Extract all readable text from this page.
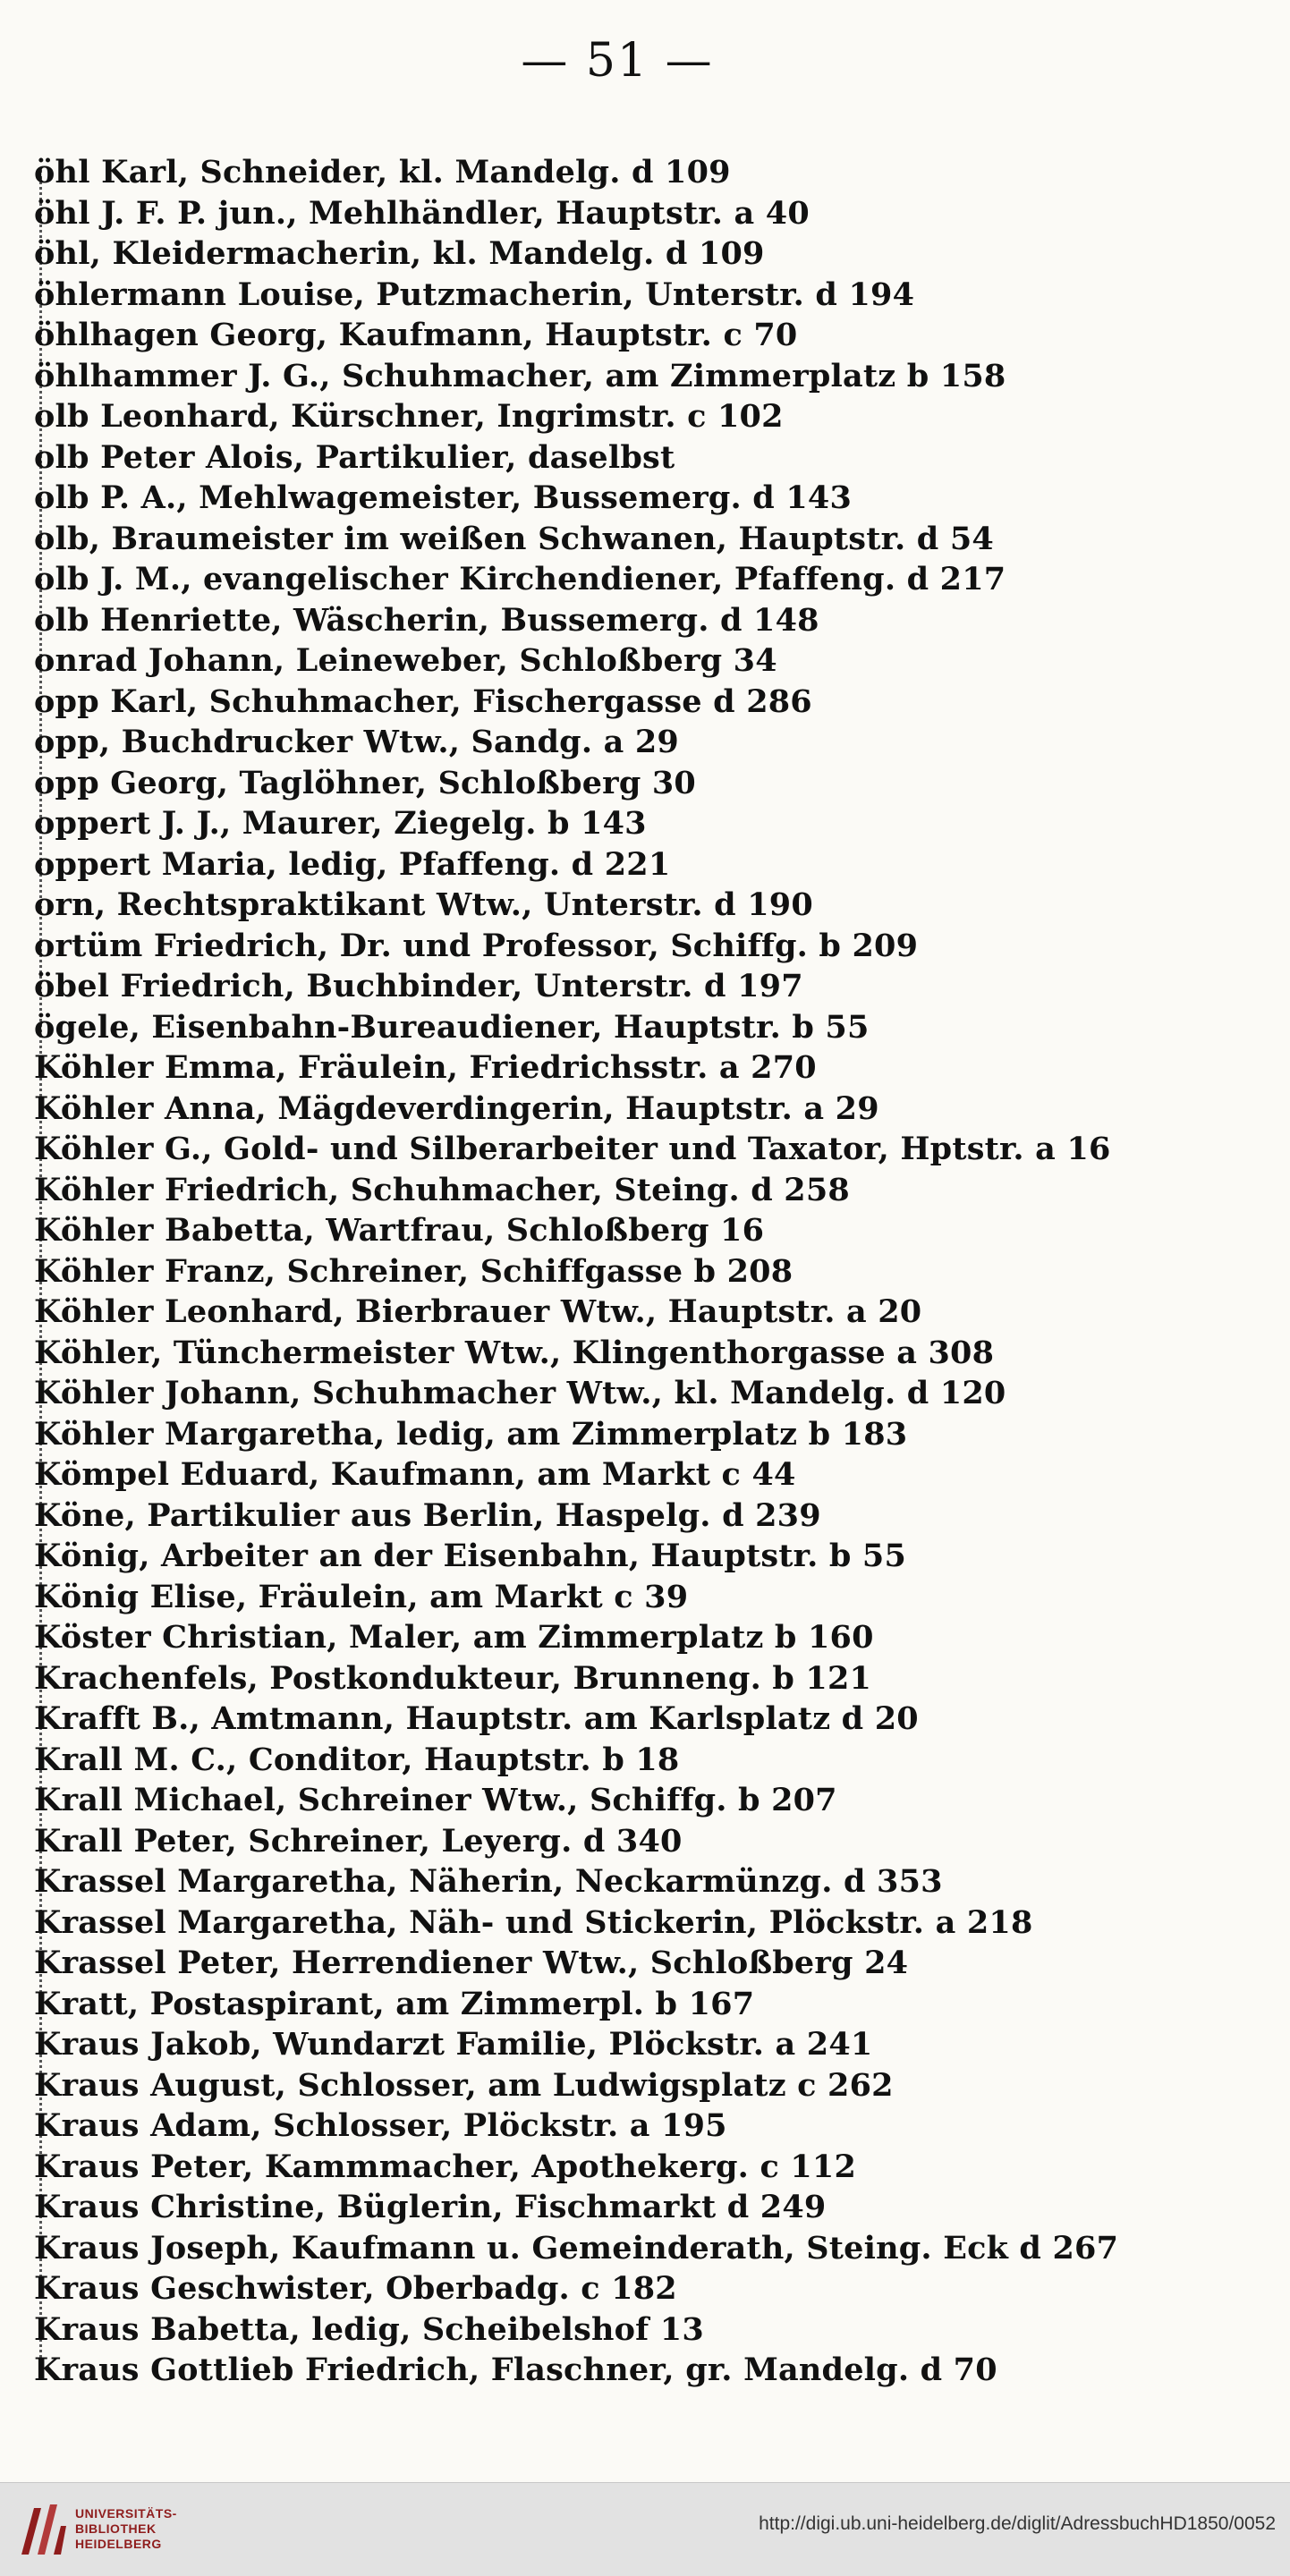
— 51 —
öhl Karl, Schneider, kl. Mandelg. d 109
öhl J. F. P. jun., Mehlhändler, Hauptstr. a 40
öhl, Kleidermacherin, kl. Mandelg. d 109
öhlermann Louise, Putzmacherin, Unterstr. d 194
öhlhagen Georg, Kaufmann, Hauptstr. c 70
öhlhammer J. G., Schuhmacher, am Zimmerplatz b 158
olb Leonhard, Kürschner, Ingrimstr. c 102
olb Peter Alois, Partikulier, daselbst
olb P. A., Mehlwagemeister, Bussemerg. d 143
olb, Braumeister im weißen Schwanen, Hauptstr. d 54
olb J. M., evangelischer Kirchendiener, Pfaffeng. d 217
olb Henriette, Wäscherin, Bussemerg. d 148
onrad Johann, Leineweber, Schloßberg 34
opp Karl, Schuhmacher, Fischergasse d 286
opp, Buchdrucker Wtw., Sandg. a 29
opp Georg, Taglöhner, Schloßberg 30
oppert J. J., Maurer, Ziegelg. b 143
oppert Maria, ledig, Pfaffeng. d 221
orn, Rechtspraktikant Wtw., Unterstr. d 190
ortüm Friedrich, Dr. und Professor, Schiffg. b 209
öbel Friedrich, Buchbinder, Unterstr. d 197
ögele, Eisenbahn-Bureaudiener, Hauptstr. b 55
Köhler Emma, Fräulein, Friedrichsstr. a 270
Köhler Anna, Mägdeverdingerin, Hauptstr. a 29
Köhler G., Gold- und Silberarbeiter und Taxator, Hptstr. a 16
Köhler Friedrich, Schuhmacher, Steing. d 258
Köhler Babetta, Wartfrau, Schloßberg 16
Köhler Franz, Schreiner, Schiffgasse b 208
Köhler Leonhard, Bierbrauer Wtw., Hauptstr. a 20
Köhler, Tünchermeister Wtw., Klingenthorgasse a 308
Köhler Johann, Schuhmacher Wtw., kl. Mandelg. d 120
Köhler Margaretha, ledig, am Zimmerplatz b 183
Kömpel Eduard, Kaufmann, am Markt c 44
Köne, Partikulier aus Berlin, Haspelg. d 239
König, Arbeiter an der Eisenbahn, Hauptstr. b 55
König Elise, Fräulein, am Markt c 39
Köster Christian, Maler, am Zimmerplatz b 160
Krachenfels, Postkondukteur, Brunneng. b 121
Krafft B., Amtmann, Hauptstr. am Karlsplatz d 20
Krall M. C., Conditor, Hauptstr. b 18
Krall Michael, Schreiner Wtw., Schiffg. b 207
Krall Peter, Schreiner, Leyerg. d 340
Krassel Margaretha, Näherin, Neckarmünzg. d 353
Krassel Margaretha, Näh- und Stickerin, Plöckstr. a 218
Krassel Peter, Herrendiener Wtw., Schloßberg 24
Kratt, Postaspirant, am Zimmerpl. b 167
Kraus Jakob, Wundarzt Familie, Plöckstr. a 241
Kraus August, Schlosser, am Ludwigsplatz c 262
Kraus Adam, Schlosser, Plöckstr. a 195
Kraus Peter, Kammmacher, Apothekerg. c 112
Kraus Christine, Büglerin, Fischmarkt d 249
Kraus Joseph, Kaufmann u. Gemeinderath, Steing. Eck d 267
Kraus Geschwister, Oberbadg. c 182
Kraus Babetta, ledig, Scheibelshof 13
Kraus Gottlieb Friedrich, Flaschner, gr. Mandelg. d 70
UNIVERSITÄTS-
BIBLIOTHEK
HEIDELBERG
http://digi.ub.uni-heidelberg.de/diglit/AdressbuchHD1850/0052
